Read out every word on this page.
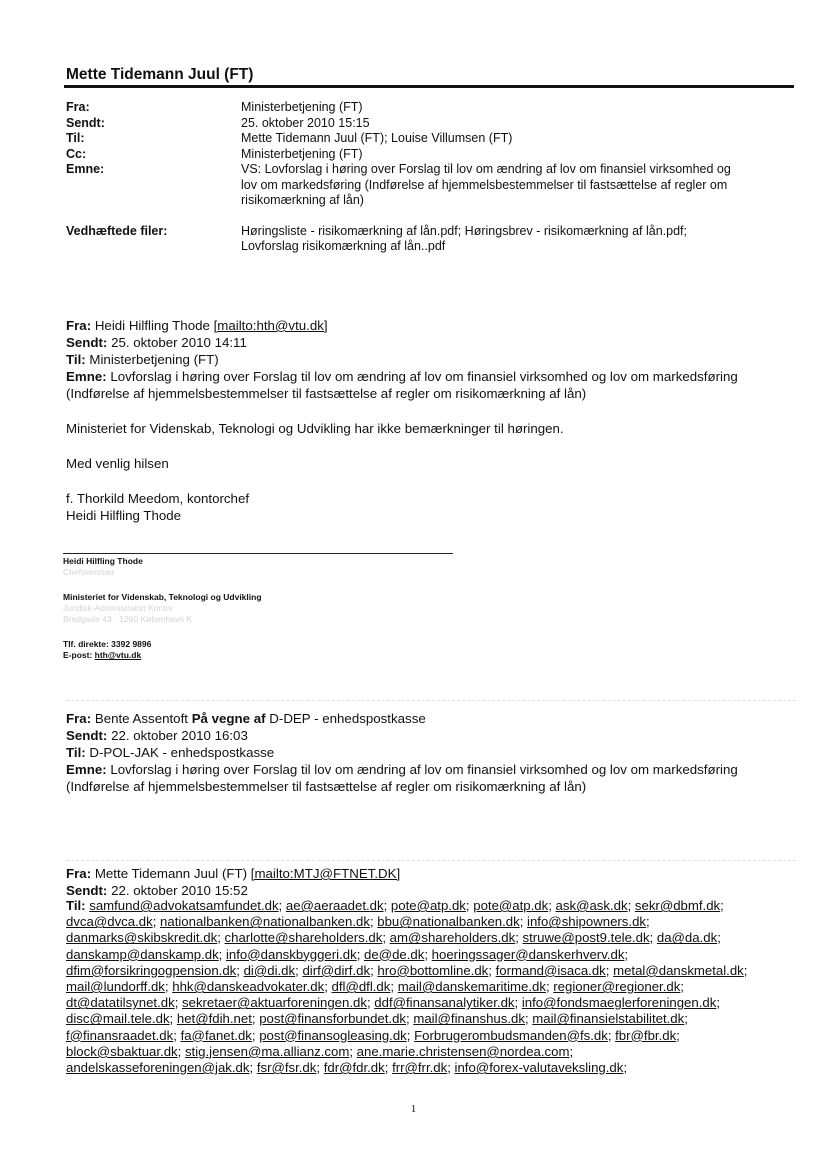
Mette Tidemann Juul (FT)
Fra:	Ministerbetjening (FT)
Sendt:	25. oktober 2010 15:15
Til:	Mette Tidemann Juul (FT); Louise Villumsen (FT)
Cc:	Ministerbetjening (FT)
Emne:	VS: Lovforslag i høring over Forslag til lov om ændring af lov om finansiel virksomhed og
lov om markedsføring (Indførelse af hjemmelsbestemmelser til fastsættelse af regler om
risikomærkning af lån)
Vedhæftede filer:	Høringsliste - risikomærkning af lån.pdf; Høringsbrev - risikomærkning af lån.pdf;
Lovforslag risikomærkning af lån..pdf
Fra: Heidi Hilfling Thode [mailto:hth@vtu.dk]
Sendt: 25. oktober 2010 14:11
Til: Ministerbetjening (FT)
Emne: Lovforslag i høring over Forslag til lov om ændring af lov om finansiel virksomhed og lov om markedsføring
(Indførelse af hjemmelsbestemmelser til fastsættelse af regler om risikomærkning af lån)

Ministeriet for Videnskab, Teknologi og Udvikling har ikke bemærkninger til høringen.

Med venlig hilsen

f. Thorkild Meedom, kontorchef

Heidi Hilfling Thode

Heidi Hilfling Thode
Chefsekretær
Ministeriet for Videnskab, Teknologi og Udvikling
Juridisk-Administrativt Kontor
Bredgade 43 · 1260 København K
Tlf. direkte: 3392 9896
E-post: hth@vtu.dk
Fra: Bente Assentoft På vegne af D-DEP - enhedspostkasse
Sendt: 22. oktober 2010 16:03
Til: D-POL-JAK - enhedspostkasse
Emne: Lovforslag i høring over Forslag til lov om ændring af lov om finansiel virksomhed og lov om markedsføring
(Indførelse af hjemmelsbestemmelser til fastsættelse af regler om risikomærkning af lån)
Fra: Mette Tidemann Juul (FT) [mailto:MTJ@FTNET.DK]
Sendt: 22. oktober 2010 15:52
Til: samfund@advokatsamfundet.dk; ae@aeraadet.dk; pote@atp.dk; pote@atp.dk; ask@ask.dk; sekr@dbmf.dk;
dvca@dvca.dk; nationalbanken@nationalbanken.dk; bbu@nationalbanken.dk; info@shipowners.dk;
danmarks@skibskredit.dk; charlotte@shareholders.dk; am@shareholders.dk; struwe@post9.tele.dk; da@da.dk;
danskamp@danskamp.dk; info@danskbyggeri.dk; de@de.dk; hoeringssager@danskerhverv.dk;
dfim@forsikringogpension.dk; di@di.dk; dirf@dirf.dk; hro@bottomline.dk; formand@isaca.dk; metal@danskmetal.dk;
mail@lundorff.dk; hhk@danskeadvokater.dk; dfl@dfl.dk; mail@danskemaritime.dk; regioner@regioner.dk;
dt@datatilsynet.dk; sekretaer@aktuarforeningen.dk; ddf@finansanalytiker.dk; info@fondsmaeglerforeningen.dk;
disc@mail.tele.dk; het@fdih.net; post@finansforbundet.dk; mail@finanshus.dk; mail@finansielstabilitet.dk;
f@finansraadet.dk; fa@fanet.dk; post@finansogleasing.dk; Forbrugerombudsmanden@fs.dk; fbr@fbr.dk;
block@sbaktuar.dk; stig.jensen@ma.allianz.com; ane.marie.christensen@nordea.com;
andelskasseforeningen@jak.dk; fsr@fsr.dk; fdr@fdr.dk; frr@frr.dk; info@forex-valutaveksling.dk;
1
